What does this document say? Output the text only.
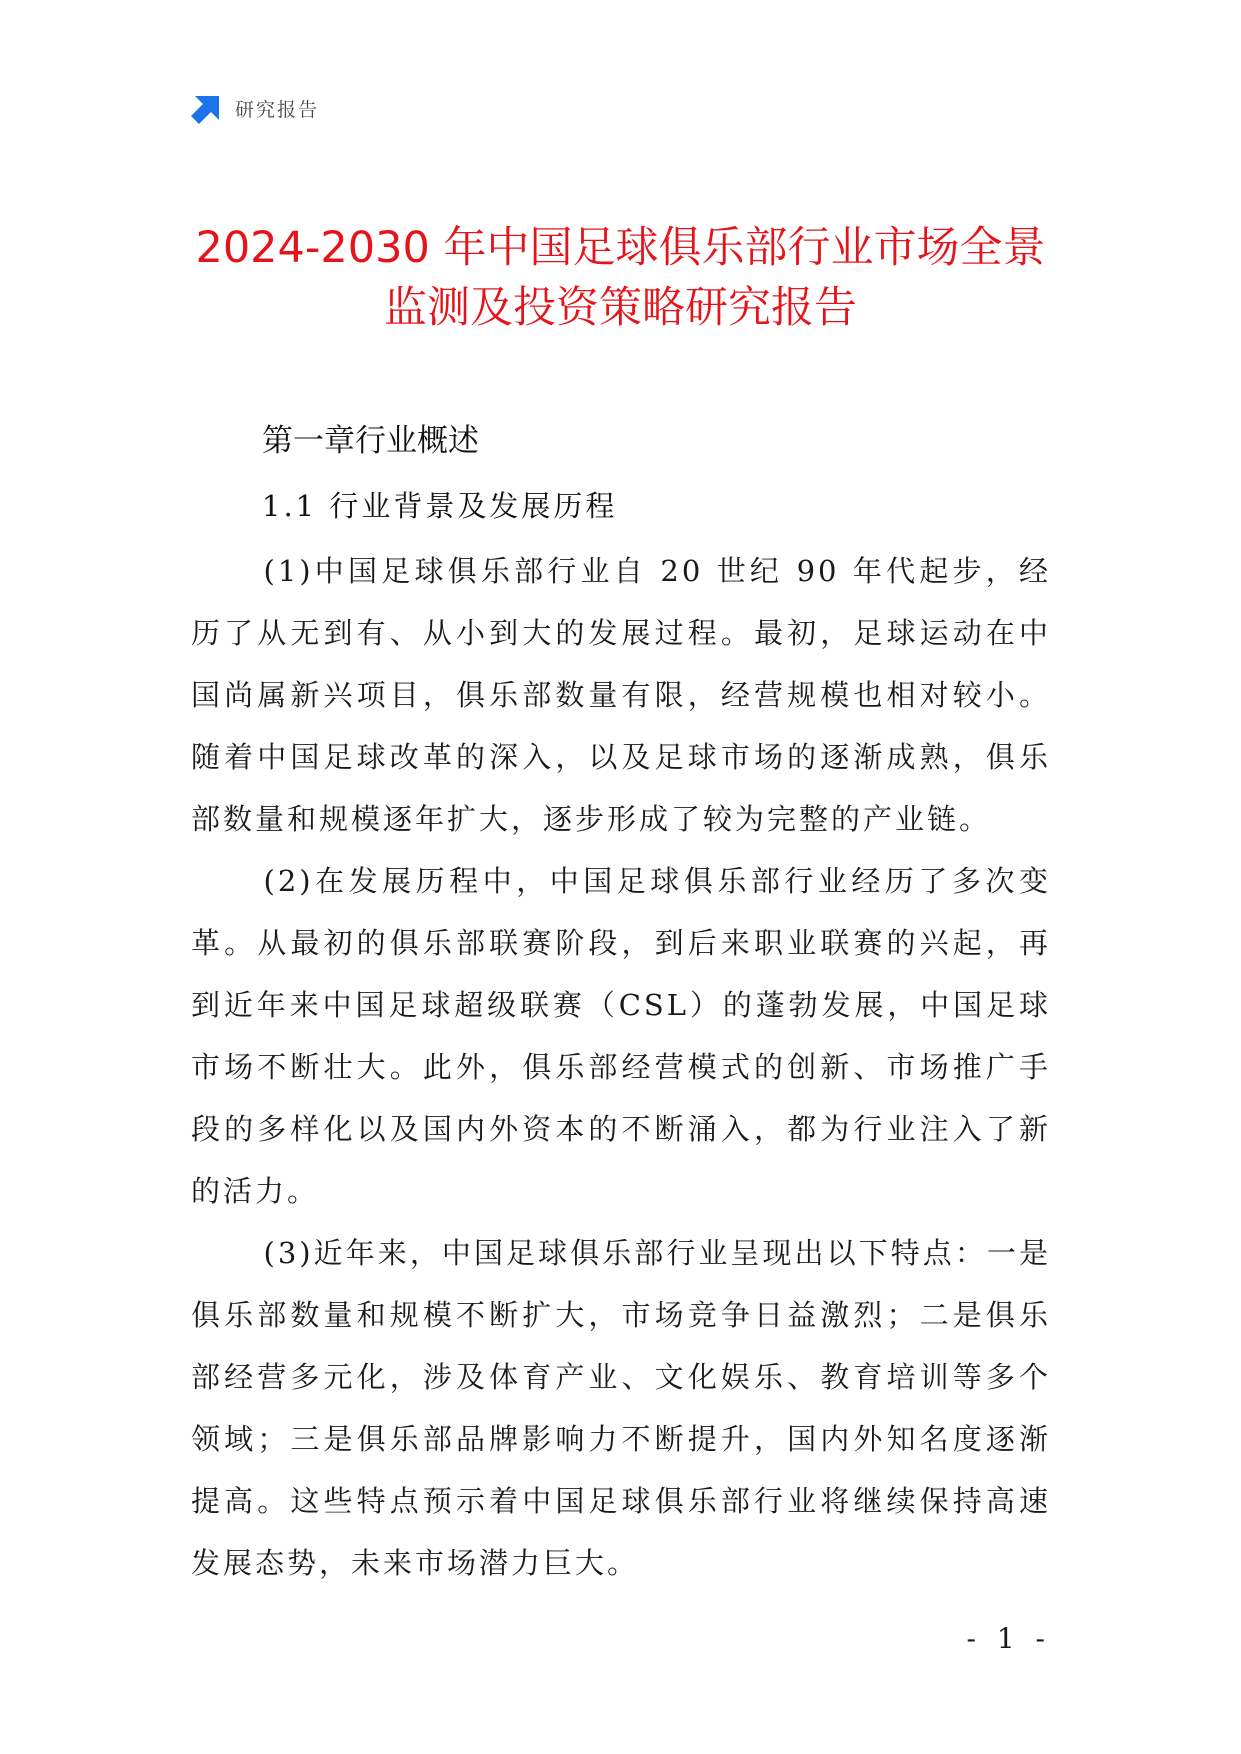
研究报告
2024-2030 年中国足球俱乐部行业市场全景
监测及投资策略研究报告
第一章行业概述
1.1 行业背景及发展历程

(1)中国足球俱乐部行业自 20 世纪 90 年代起步，经历了从无到有、从小到大的发展过程。最初，足球运动在中国尚属新兴项目，俱乐部数量有限，经营规模也相对较小。随着中国足球改革的深入，以及足球市场的逐渐成熟，俱乐部数量和规模逐年扩大，逐步形成了较为完整的产业链。

(2)在发展历程中，中国足球俱乐部行业经历了多次变革。从最初的俱乐部联赛阶段，到后来职业联赛的兴起，再到近年来中国足球超级联赛（CSL）的蓬勃发展，中国足球市场不断壮大。此外，俱乐部经营模式的创新、市场推广手段的多样化以及国内外资本的不断涌入，都为行业注入了新的活力。

(3)近年来，中国足球俱乐部行业呈现出以下特点：一是俱乐部数量和规模不断扩大，市场竞争日益激烈；二是俱乐部经营多元化，涉及体育产业、文化娱乐、教育培训等多个领域；三是俱乐部品牌影响力不断提升，国内外知名度逐渐提高。这些特点预示着中国足球俱乐部行业将继续保持高速发展态势，未来市场潜力巨大。

- 1 -
